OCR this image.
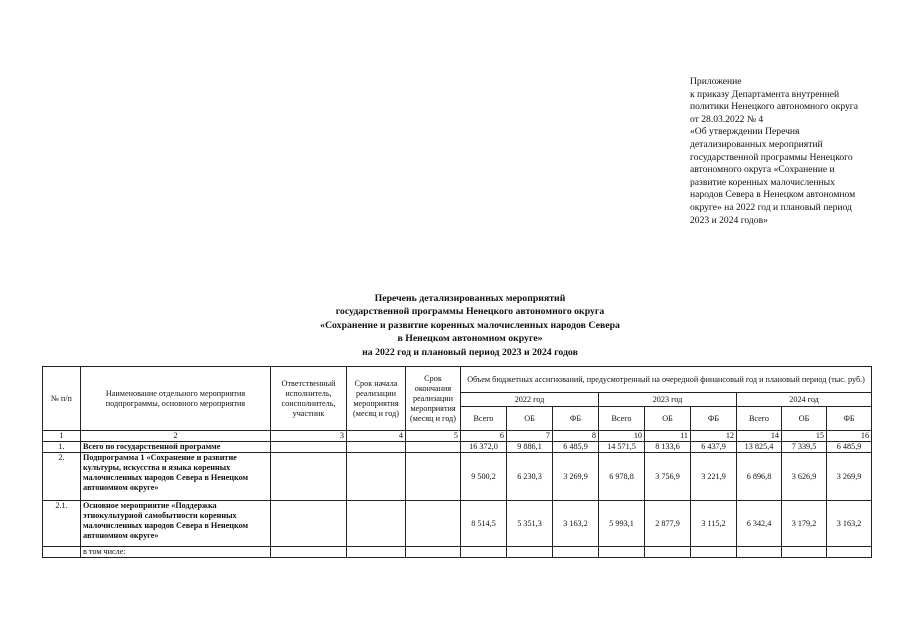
Приложение
к приказу Департамента внутренней
политики Ненецкого автономного округа
от 28.03.2022 № 4
«Об утверждении Перечня
детализированных мероприятий
государственной программы Ненецкого
автономного округа «Сохранение и
развитие коренных малочисленных
народов Севера в Ненецком автономном
округе» на 2022 год и плановый период
2023 и 2024 годов»
Перечень детализированных мероприятий
государственной программы Ненецкого автономного округа
«Сохранение и развитие коренных малочисленных народов Севера
в Ненецком автономном округе»
на 2022 год и плановый период 2023 и 2024 годов
№ п/п	Наименование отдельного мероприятия подпрограммы, основного мероприятия	Ответственный исполнитель, соисполнитель, участник	Срок начала реализации мероприятия (месяц и год)	Срок окончания реализации мероприятия (месяц и год)	Объем бюджетных ассигнований, предусмотренный на очередной финансовый год и плановый период (тыс. руб.)								
					2022 год			2023 год			2024 год		
					Всего	ОБ	ФБ	Всего	ОБ	ФБ	Всего	ОБ	ФБ
1	2	3	4	5	6	7	8	10	11	12	14	15	16
1.	Всего по государственной программе				16 372,0	9 886,1	6 485,9	14 571,5	8 133,6	6 437,9	13 825,4	7 339,5	6 485,9
2.	Подпрограмма 1 «Сохранение и развитие культуры, искусства и языка коренных малочисленных народов Севера в Ненецком автономном округе»				9 500,2	6 230,3	3 269,9	6 978,8	3 756,9	3 221,9	6 896,8	3 626,9	3 269,9
2.1.	Основное мероприятие «Поддержка этнокультурной самобытности коренных малочисленных народов Севера в Ненецком автономном округе»				8 514,5	5 351,3	3 163,2	5 993,1	2 877,9	3 115,2	6 342,4	3 179,2	3 163,2
	в том числе:												
